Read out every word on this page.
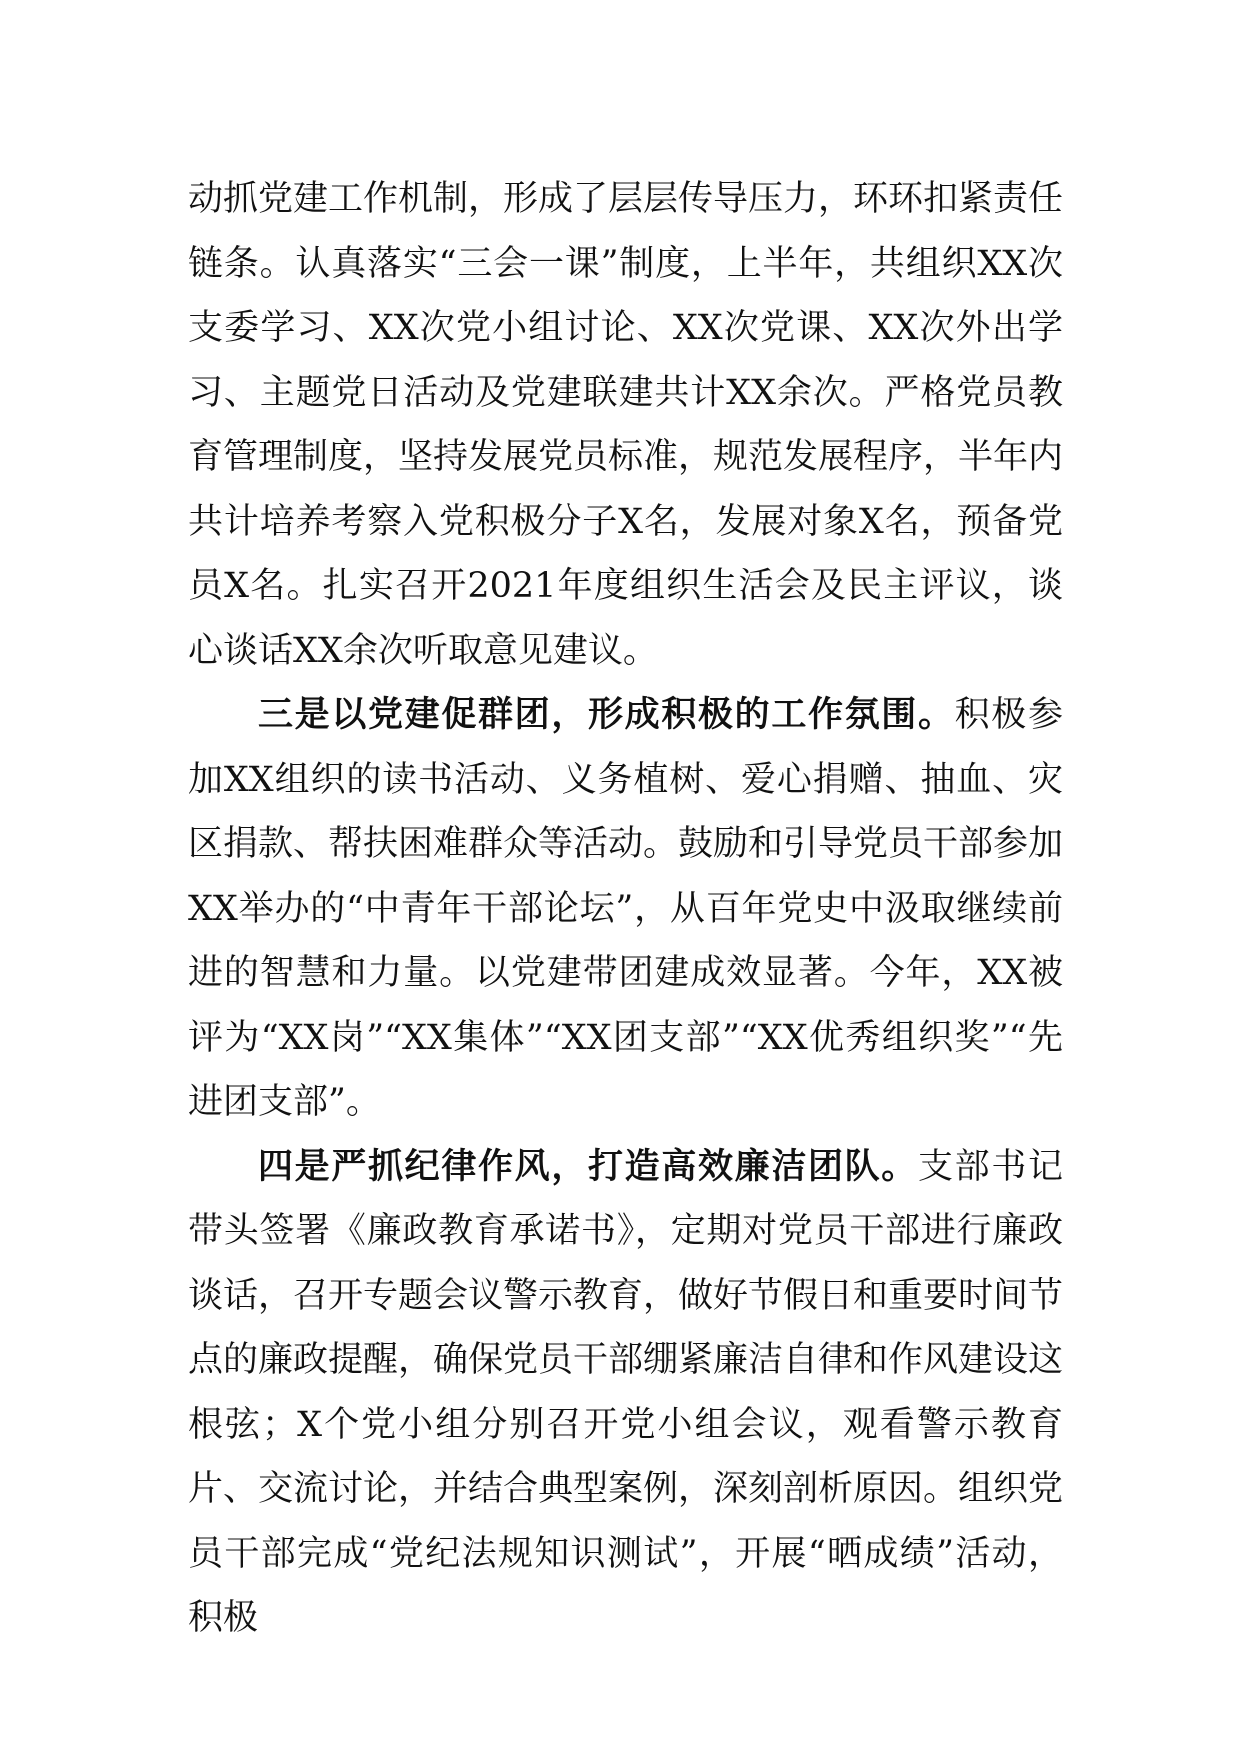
动抓党建工作机制，形成了层层传导压力，环环扣紧责任链条。认真落实“三会一课”制度，上半年，共组织XX次支委学习、XX次党小组讨论、XX次党课、XX次外出学习、主题党日活动及党建联建共计XX余次。严格党员教育管理制度，坚持发展党员标准，规范发展程序，半年内共计培养考察入党积极分子X名，发展对象X名，预备党员X名。扎实召开2021年度组织生活会及民主评议，谈心谈话XX余次听取意见建议。

三是以党建促群团，形成积极的工作氛围。积极参加XX组织的读书活动、义务植树、爱心捐赠、抽血、灾区捐款、帮扶困难群众等活动。鼓励和引导党员干部参加XX举办的“中青年干部论坛”，从百年党史中汲取继续前进的智慧和力量。以党建带团建成效显著。今年，XX被评为“XX岗”“XX集体”“XX团支部”“XX优秀组织奖”“先进团支部”。

四是严抓纪律作风，打造高效廉洁团队。支部书记带头签署《廉政教育承诺书》，定期对党员干部进行廉政谈话，召开专题会议警示教育，做好节假日和重要时间节点的廉政提醒，确保党员干部绷紧廉洁自律和作风建设这根弦；X个党小组分别召开党小组会议，观看警示教育片、交流讨论，并结合典型案例，深刻剖析原因。组织党员干部完成“党纪法规知识测试”，开展“晒成绩”活动，积极
